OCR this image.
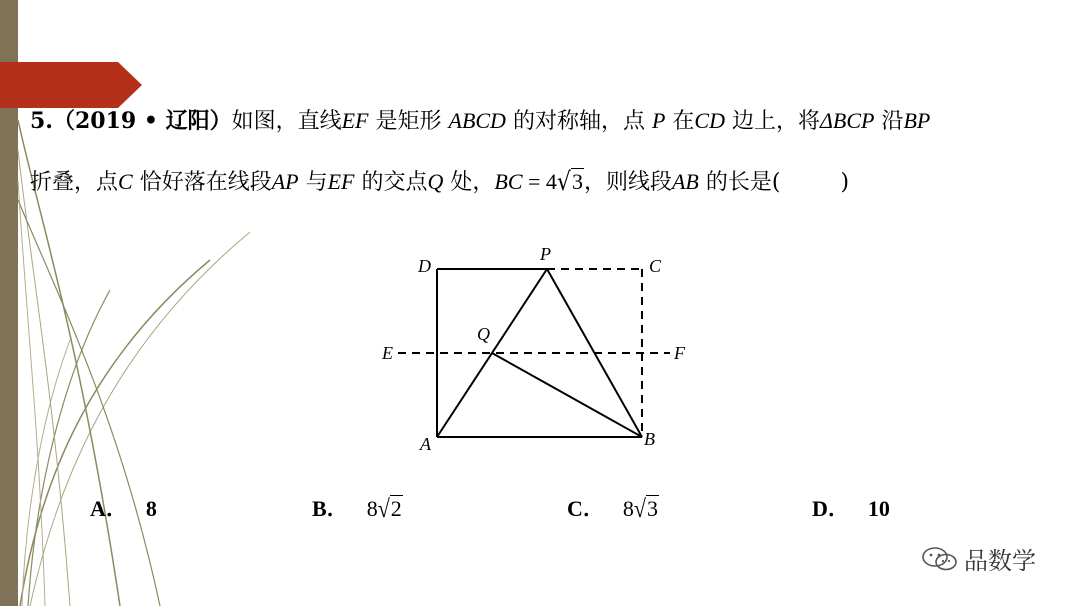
5.（2019 • 辽阳）如图，直线EF 是矩形 ABCD 的对称轴，点 P 在CD 边上，将ΔBCP 沿BP
折叠，点C 恰好落在线段AP 与EF 的交点Q 处，BC = 4√3，则线段AB 的长是(	)
D
P
C
Q
E	F
A	B
A． 8	B． 8√2	C． 8√3	D． 10
品数学
